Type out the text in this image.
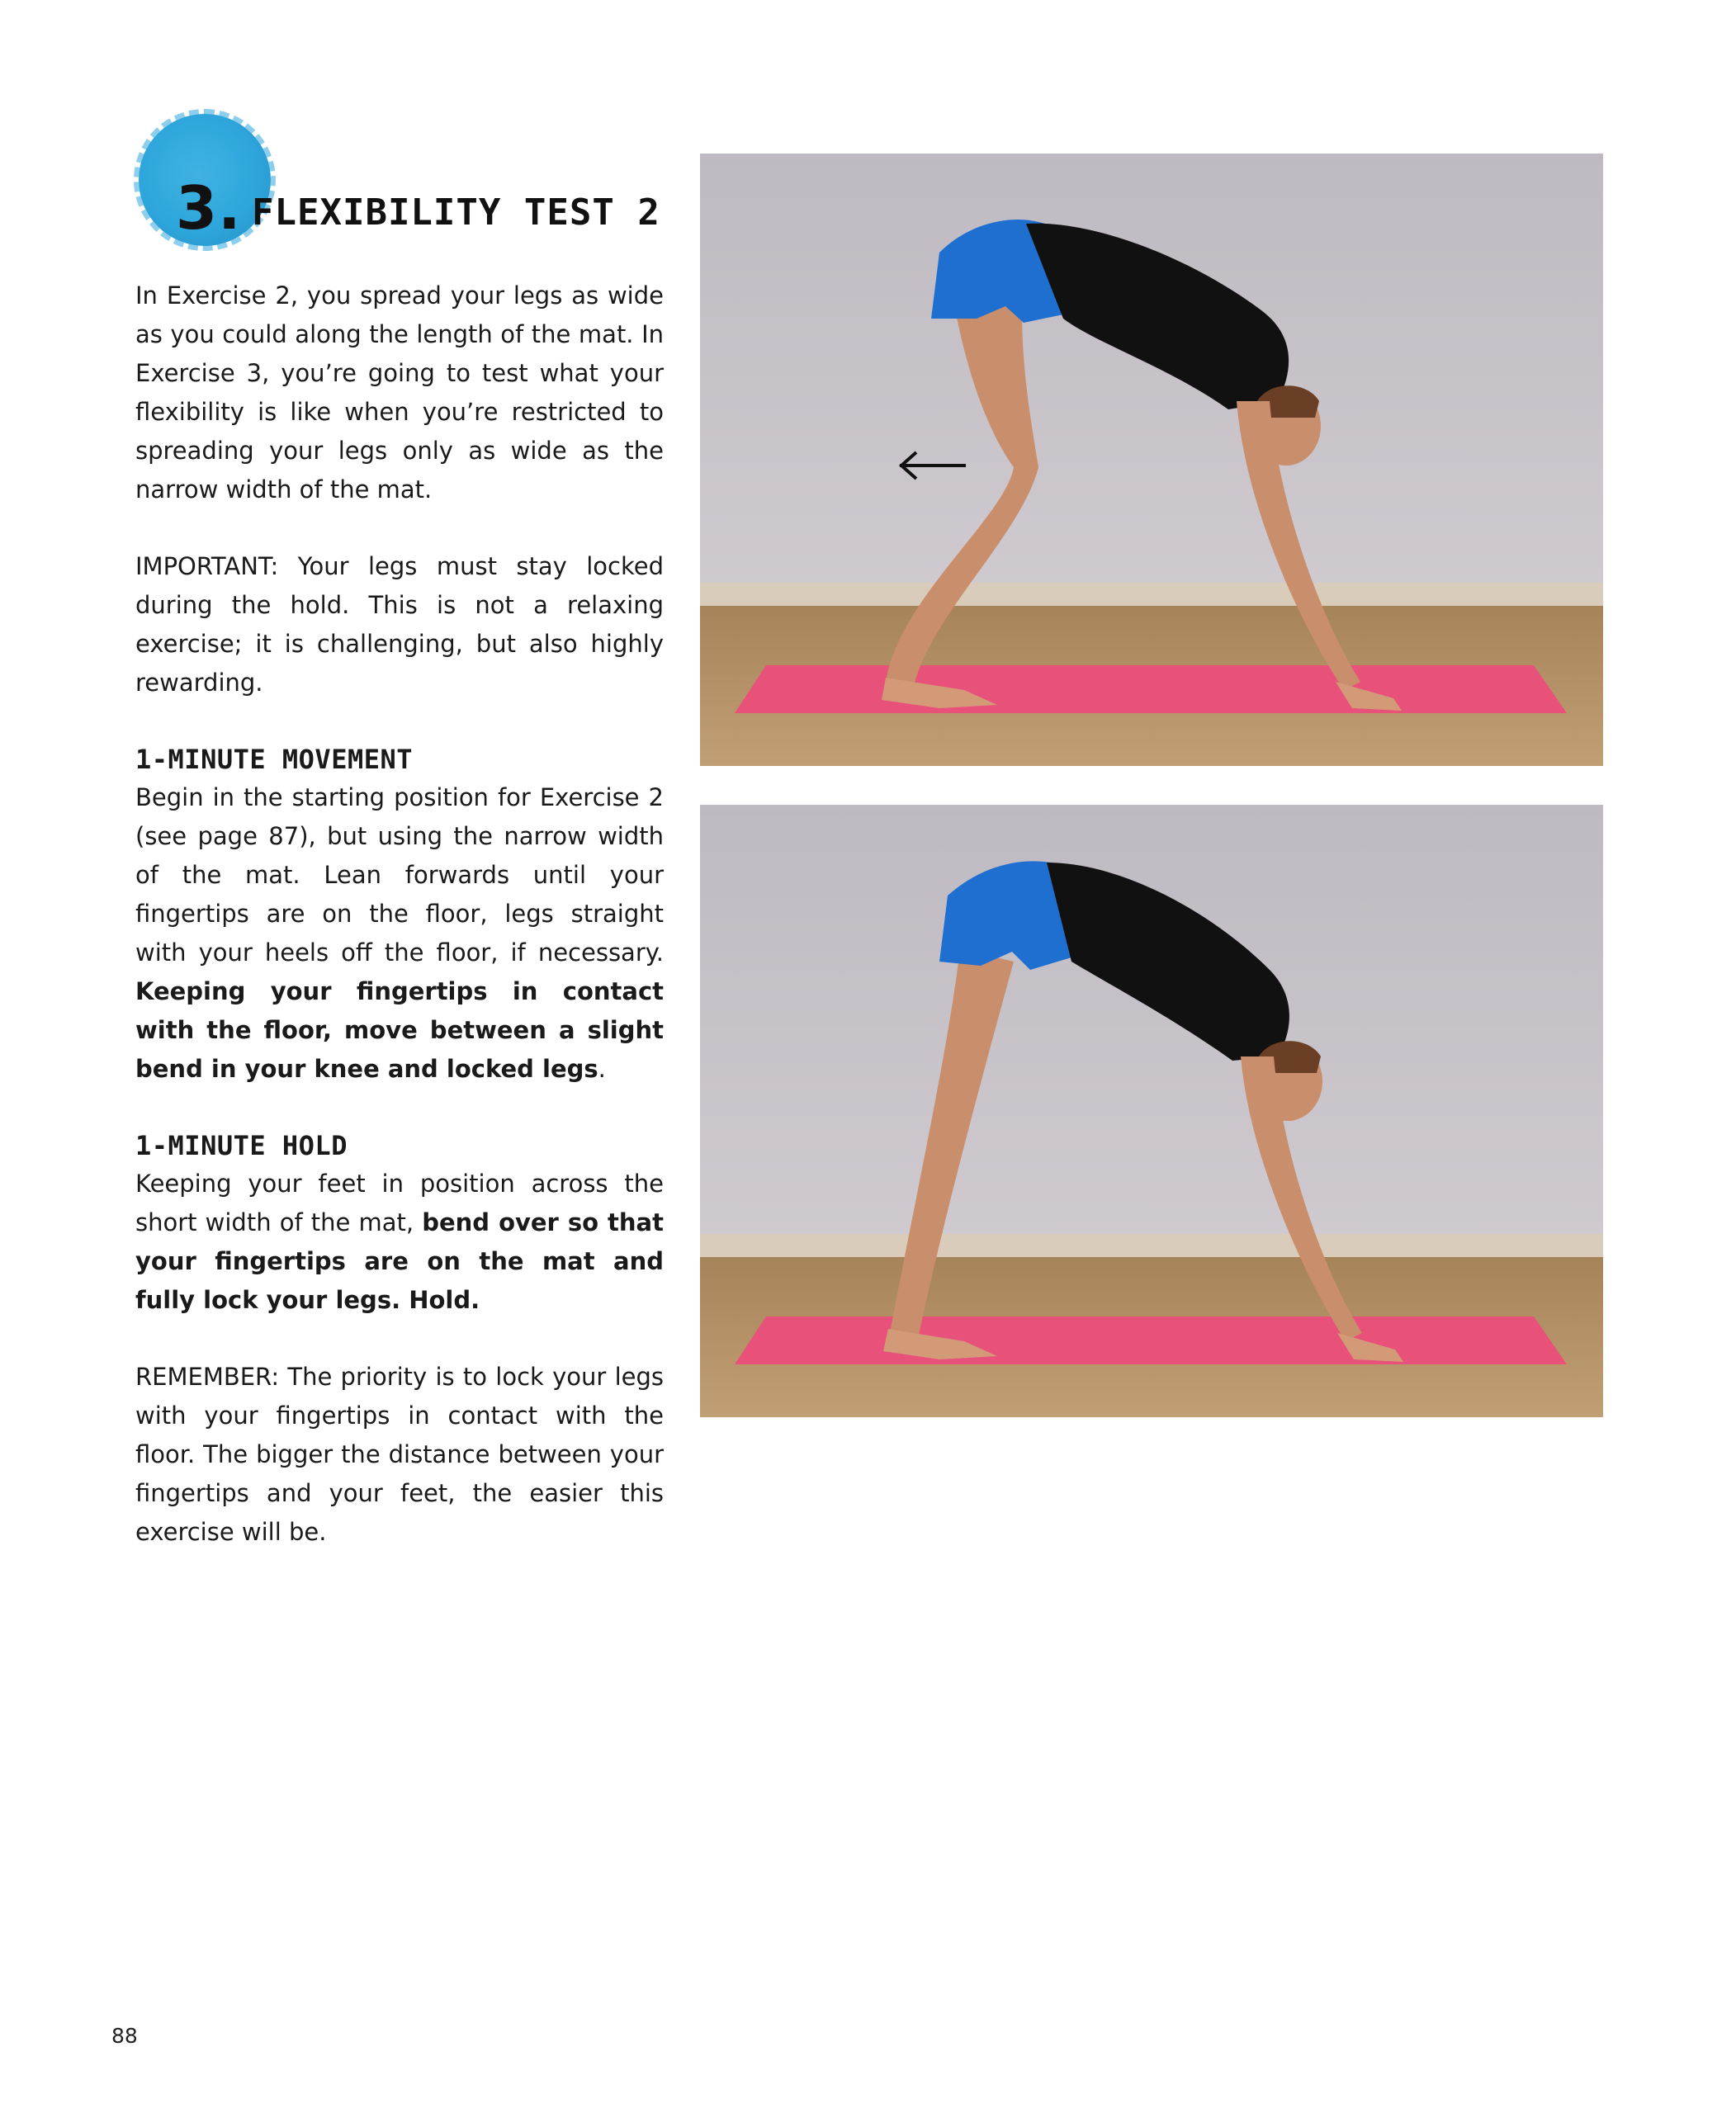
3. FLEXIBILITY TEST 2

In Exercise 2, you spread your legs as wide as you could along the length of the mat. In Exercise 3, you’re going to test what your flexibility is like when you’re restricted to spreading your legs only as wide as the narrow width of the mat.

IMPORTANT: Your legs must stay locked during the hold. This is not a relaxing exercise; it is challenging, but also highly rewarding.

1-MINUTE MOVEMENT

Begin in the starting position for Exercise 2 (see page 87), but using the narrow width of the mat. Lean forwards until your fingertips are on the floor, legs straight with your heels off the floor, if necessary. Keeping your fingertips in contact with the floor, move between a slight bend in your knee and locked legs.

1-MINUTE HOLD

Keeping your feet in position across the short width of the mat, bend over so that your fingertips are on the mat and fully lock your legs. Hold.

REMEMBER: The priority is to lock your legs with your fingertips in contact with the floor. The bigger the distance between your fingertips and your feet, the easier this exercise will be.

88
